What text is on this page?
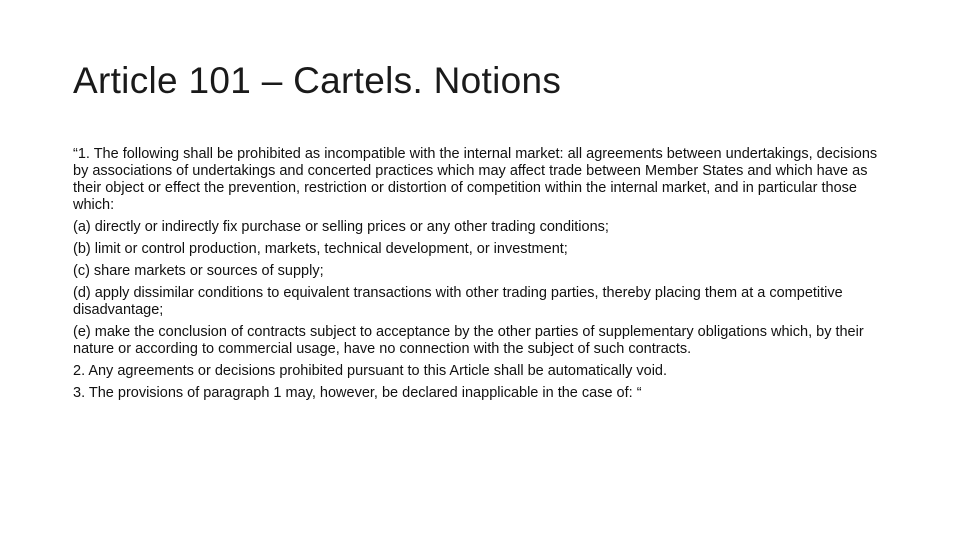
Article 101 – Cartels. Notions

“1. The following shall be prohibited as incompatible with the internal market: all agreements between undertakings, decisions by associations of undertakings and concerted practices which may affect trade between Member States and which have as their object or effect the prevention, restriction or distortion of competition within the internal market, and in particular those which:

(a) directly or indirectly fix purchase or selling prices or any other trading conditions;

(b) limit or control production, markets, technical development, or investment;

(c) share markets or sources of supply;

(d) apply dissimilar conditions to equivalent transactions with other trading parties, thereby placing them at a competitive disadvantage;

(e) make the conclusion of contracts subject to acceptance by the other parties of supplementary obligations which, by their nature or according to commercial usage, have no connection with the subject of such contracts.

2. Any agreements or decisions prohibited pursuant to this Article shall be automatically void.

3. The provisions of paragraph 1 may, however, be declared inapplicable in the case of: “
